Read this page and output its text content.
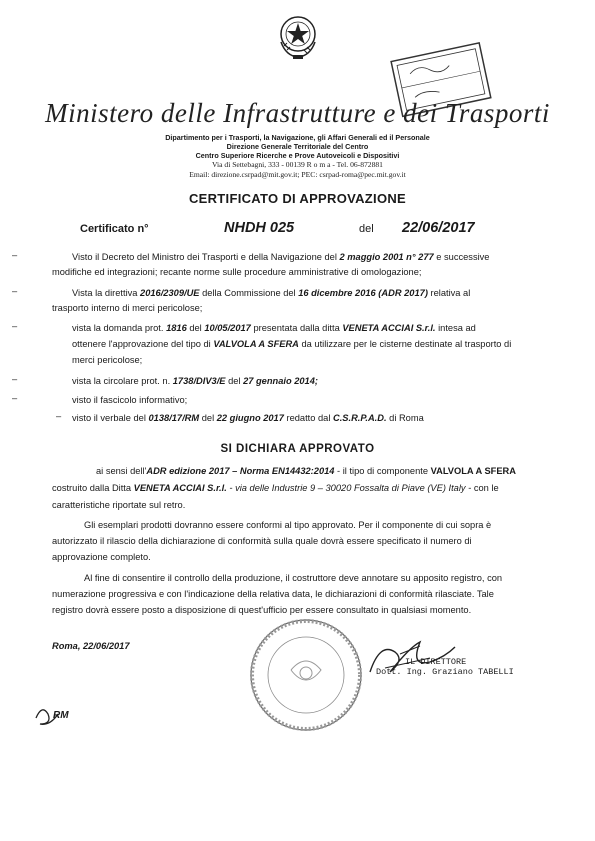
Ministero delle Infrastrutture e dei Trasporti
Dipartimento per i Trasporti, la Navigazione, gli Affari Generali ed il Personale
Direzione Generale Territoriale del Centro
Centro Superiore Ricerche e Prove Autoveicoli e Dispositivi
Via di Settebagni, 333 - 00139 R o m a - Tel. 06-872881
Email: direzione.csrpad@mit.gov.it; PEC: csrpad-roma@pec.mit.gov.it
CERTIFICATO DI APPROVAZIONE
Certificato n°	NHDH 025	del 22/06/2017
–	Visto il Decreto del Ministro dei Trasporti e della Navigazione del 2 maggio 2001 n° 277 e successive
modifiche ed integrazioni; recante norme sulle procedure amministrative di omologazione;
–	Vista la direttiva 2016/2309/UE della Commissione del 16 dicembre 2016 (ADR 2017) relativa al
trasporto interno di merci pericolose;
–	vista la domanda prot. 1816 del 10/05/2017 presentata dalla ditta VENETA ACCIAI S.r.l. intesa ad
ottenere l'approvazione del tipo di VALVOLA A SFERA da utilizzare per le cisterne destinate al trasporto di
merci pericolose;
–	vista la circolare prot. n. 1738/DIV3/E del 27 gennaio 2014;
–	visto il fascicolo informativo;
– visto il verbale del 0138/17/RM del 22 giugno 2017 redatto dal C.S.R.P.A.D. di Roma
SI DICHIARA APPROVATO
ai sensi dell'ADR edizione 2017 – Norma EN14432:2014 - il tipo di componente VALVOLA A SFERA
costruito dalla Ditta VENETA ACCIAI S.r.l. - via delle Industrie 9 – 30020 Fossalta di Piave (VE) Italy - con le
caratteristiche riportate sul retro.
Gli esemplari prodotti dovranno essere conformi al tipo approvato. Per il componente di cui sopra è
autorizzato il rilascio della dichiarazione di conformità sulla quale dovrà essere specificato il numero di
approvazione completo.
Al fine di consentire il controllo della produzione, il costruttore deve annotare su apposito registro, con
numerazione progressiva e con l'indicazione della relativa data, le dichiarazioni di conformità rilasciate. Tale
registro dovrà essere posto a disposizione di quest'ufficio per essere consultato in qualsiasi momento.
Roma, 22/06/2017
IL DIRETTORE
Dott. Ing. Graziano TABELLI
RM
